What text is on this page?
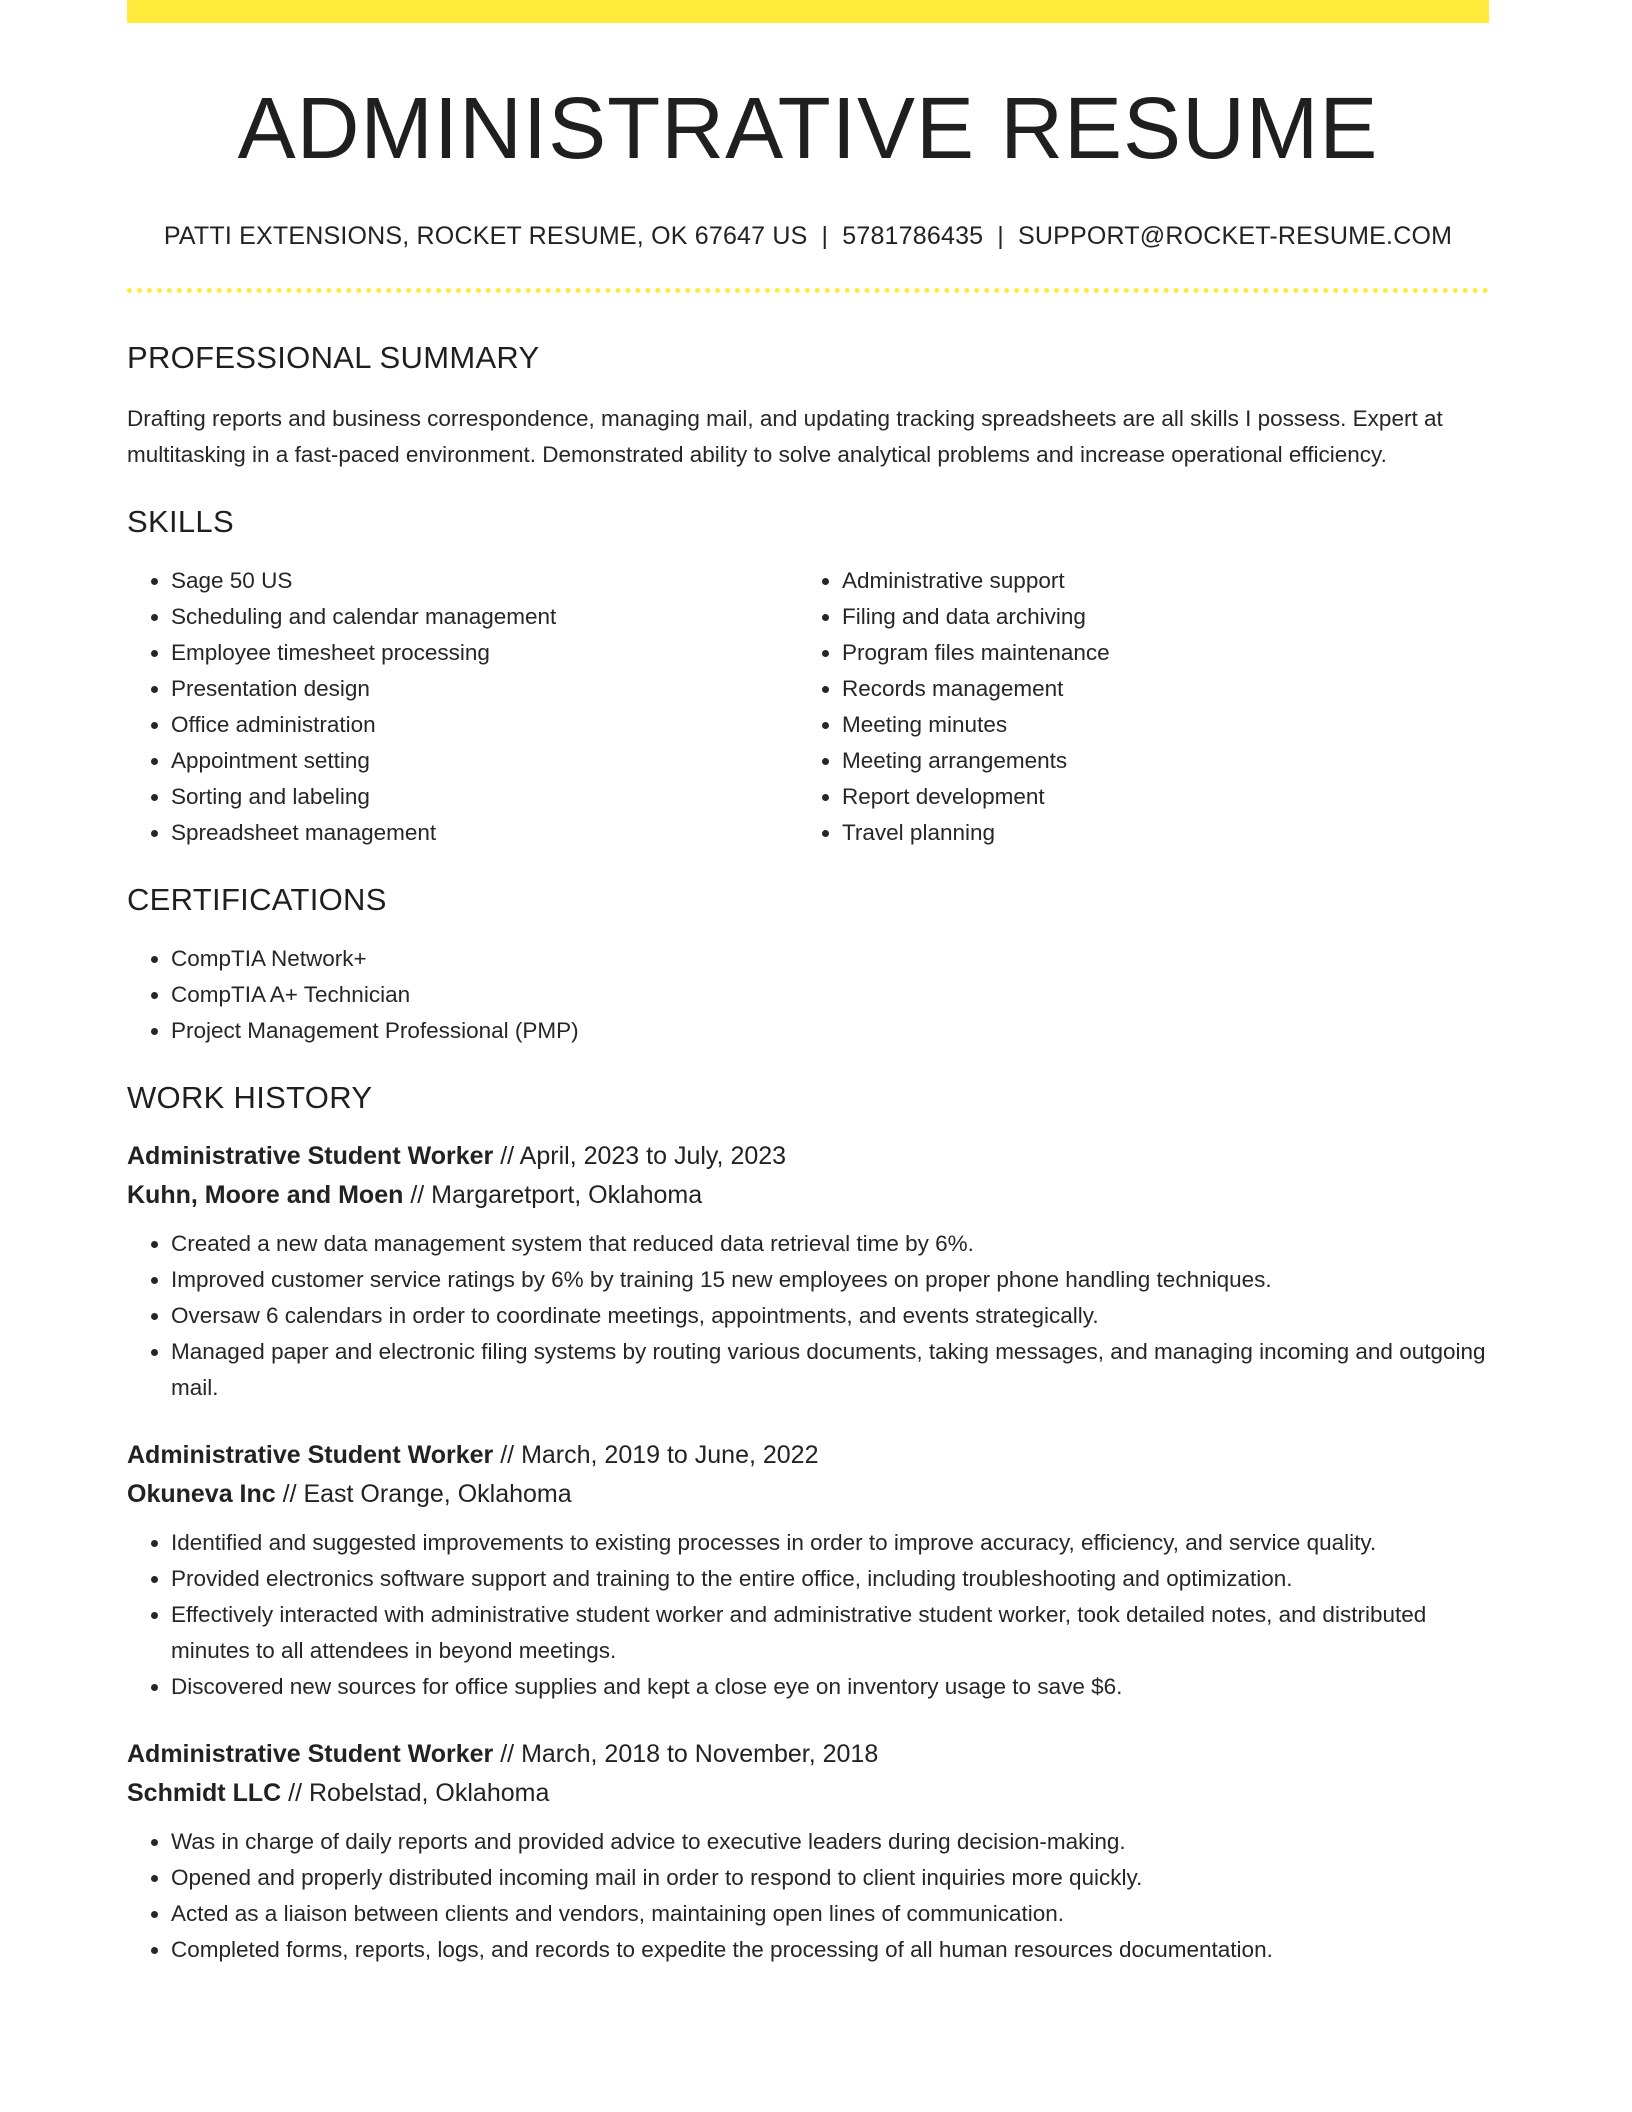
ADMINISTRATIVE RESUME
PATTI EXTENSIONS, ROCKET RESUME, OK 67647 US | 5781786435 | SUPPORT@ROCKET-RESUME.COM
PROFESSIONAL SUMMARY
Drafting reports and business correspondence, managing mail, and updating tracking spreadsheets are all skills I possess. Expert at multitasking in a fast-paced environment. Demonstrated ability to solve analytical problems and increase operational efficiency.
SKILLS
• Sage 50 US
• Scheduling and calendar management
• Employee timesheet processing
• Presentation design
• Office administration
• Appointment setting
• Sorting and labeling
• Spreadsheet management
• Administrative support
• Filing and data archiving
• Program files maintenance
• Records management
• Meeting minutes
• Meeting arrangements
• Report development
• Travel planning
CERTIFICATIONS
• CompTIA Network+
• CompTIA A+ Technician
• Project Management Professional (PMP)
WORK HISTORY
Administrative Student Worker // April, 2023 to July, 2023
Kuhn, Moore and Moen // Margaretport, Oklahoma
• Created a new data management system that reduced data retrieval time by 6%.
• Improved customer service ratings by 6% by training 15 new employees on proper phone handling techniques.
• Oversaw 6 calendars in order to coordinate meetings, appointments, and events strategically.
• Managed paper and electronic filing systems by routing various documents, taking messages, and managing incoming and outgoing mail.
Administrative Student Worker // March, 2019 to June, 2022
Okuneva Inc // East Orange, Oklahoma
• Identified and suggested improvements to existing processes in order to improve accuracy, efficiency, and service quality.
• Provided electronics software support and training to the entire office, including troubleshooting and optimization.
• Effectively interacted with administrative student worker and administrative student worker, took detailed notes, and distributed minutes to all attendees in beyond meetings.
• Discovered new sources for office supplies and kept a close eye on inventory usage to save $6.
Administrative Student Worker // March, 2018 to November, 2018
Schmidt LLC // Robelstad, Oklahoma
• Was in charge of daily reports and provided advice to executive leaders during decision-making.
• Opened and properly distributed incoming mail in order to respond to client inquiries more quickly.
• Acted as a liaison between clients and vendors, maintaining open lines of communication.
• Completed forms, reports, logs, and records to expedite the processing of all human resources documentation.
